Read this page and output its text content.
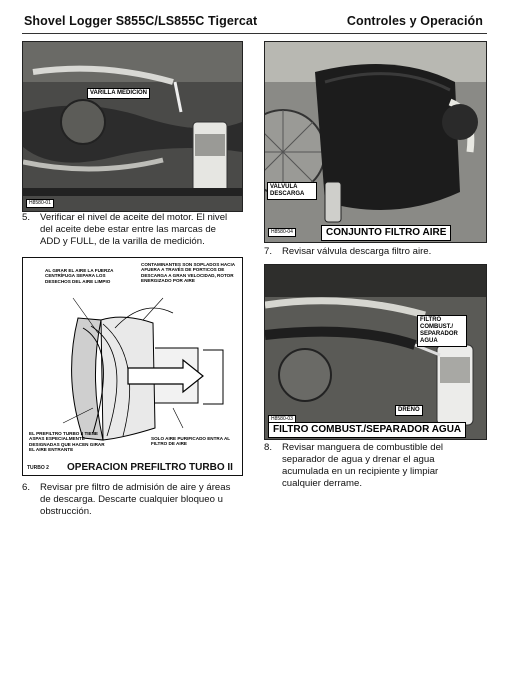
Shovel Logger S855C/LS855C Tigercat	Controles y Operación
VARILLA MEDICION
H8580-01
5. Verificar el nivel de aceite del motor. El nivel
del aceite debe estar entre las marcas de
ADD y FULL, de la varilla de medición.
AL GIRAR EL AIRE LA FUERZA CENTRÍFUGA SEPARA LOS DESECHOS DEL AIRE LIMPIO
CONTAMINANTES SON SOPLADOS HACIA AFUERA A TRAVÉS DE PORTICOS DE DESCARGA A GRAN VELOCIDAD, ROTOR ENERGIZADO POR AIRE
EL PREFILTRO TURBO II TIENE ASPAS ESPECIALMENTE DESIGNADAS QUE HACEN GIRAR EL AIRE ENTRANTE
SOLO AIRE PURIFICADO ENTRA AL FILTRO DE AIRE
TURBO 2 OPERACION PREFILTRO TURBO II
6. Revisar pre filtro de admisión de aire y áreas
de descarga. Descarte cualquier bloqueo u
obstrucción.
VALVULA DESCARGA
H8580-04	CONJUNTO FILTRO AIRE
7. Revisar válvula descarga filtro aire.
FILTRO COMBUST./ SEPARADOR AGUA
DRENO
H8580-03
FILTRO COMBUST./SEPARADOR AGUA
8. Revisar manguera de combustible del
separador de agua y drenar el agua
acumulada en un recipiente y limpiar
cualquier derrame.
